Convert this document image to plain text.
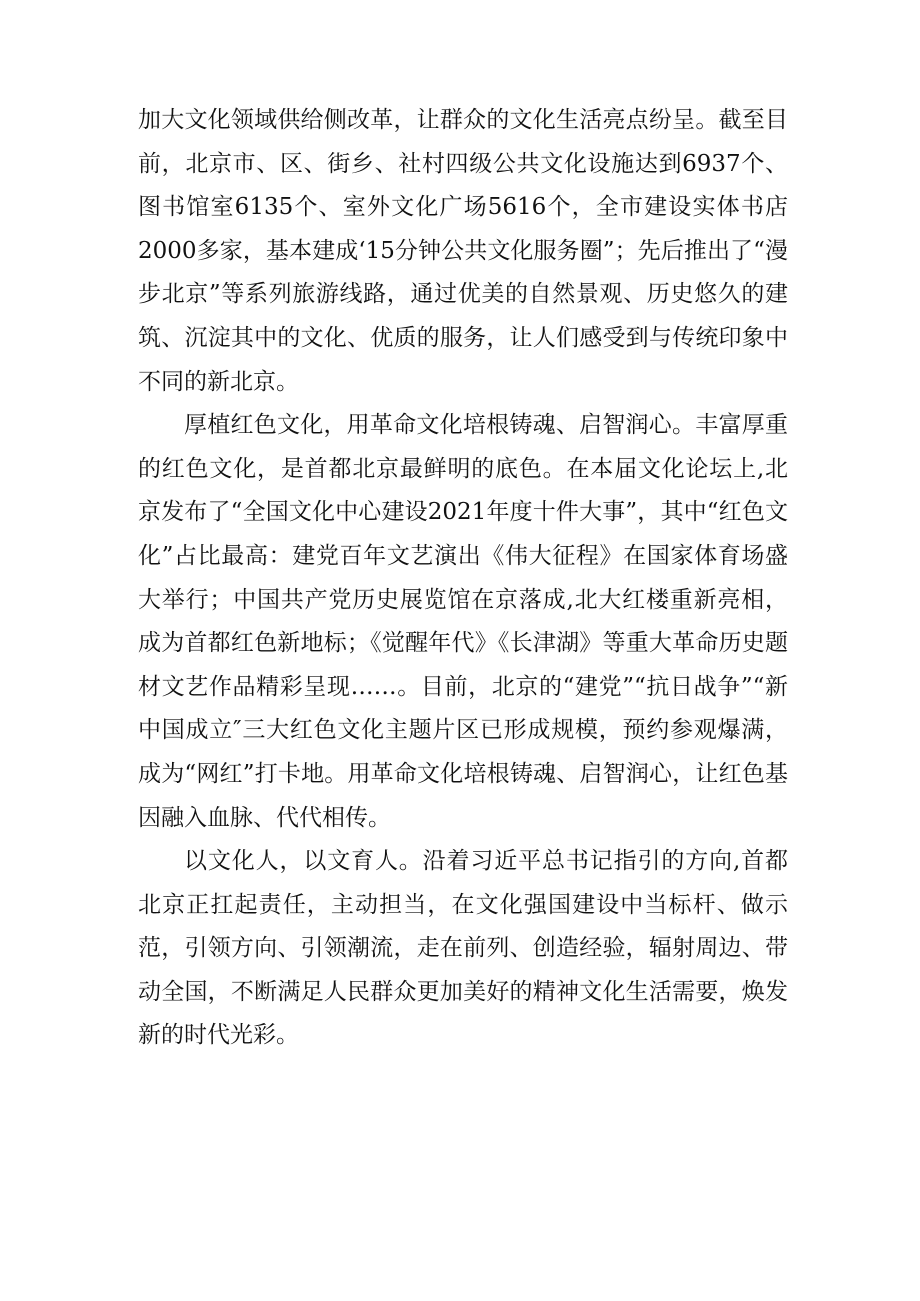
加大文化领域供给侧改革，让群众的文化生活亮点纷呈。截至目前，北京市、区、街乡、社村四级公共文化设施达到6937个、图书馆室6135个、室外文化广场5616个，全市建设实体书店2000多家，基本建成‘15分钟公共文化服务圈”；先后推出了“漫步北京”等系列旅游线路，通过优美的自然景观、历史悠久的建筑、沉淀其中的文化、优质的服务，让人们感受到与传统印象中不同的新北京。

厚植红色文化，用革命文化培根铸魂、启智润心。丰富厚重的红色文化，是首都北京最鲜明的底色。在本届文化论坛上,北京发布了“全国文化中心建设2021年度十件大事”，其中“红色文化”占比最高：建党百年文艺演出《伟大征程》在国家体育场盛大举行；中国共产党历史展览馆在京落成,北大红楼重新亮相，成为首都红色新地标；《觉醒年代》《长津湖》等重大革命历史题材文艺作品精彩呈现……。目前，北京的“建党”“抗日战争”“新中国成立″三大红色文化主题片区已形成规模，预约参观爆满，成为“网红”打卡地。用革命文化培根铸魂、启智润心，让红色基因融入血脉、代代相传。

以文化人，以文育人。沿着习近平总书记指引的方向,首都北京正扛起责任，主动担当，在文化强国建设中当标杆、做示范，引领方向、引领潮流，走在前列、创造经验，辐射周边、带动全国，不断满足人民群众更加美好的精神文化生活需要，焕发新的时代光彩。
